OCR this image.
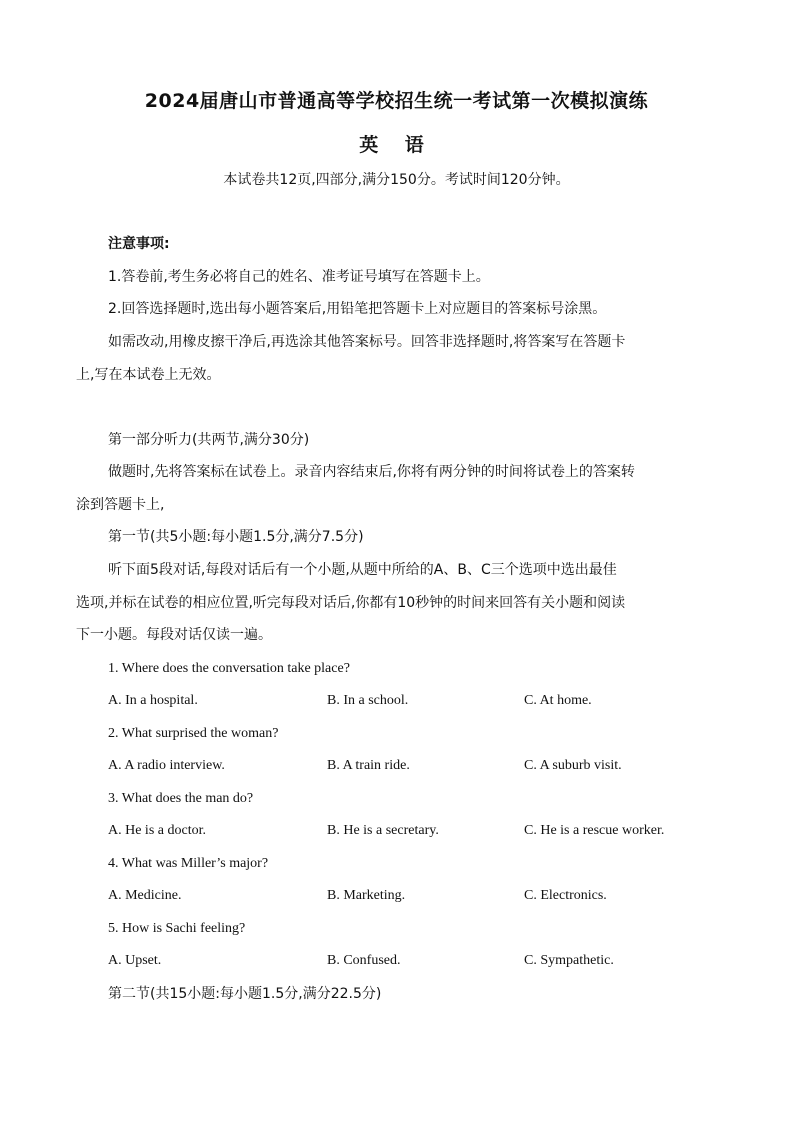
2024届唐山市普通高等学校招生统一考试第一次模拟演练
英 语
本试卷共12页,四部分,满分150分。考试时间120分钟。
注意事项:
1.答卷前,考生务必将自己的姓名、准考证号填写在答题卡上。
2.回答选择题时,选出每小题答案后,用铅笔把答题卡上对应题目的答案标号涂黑。
如需改动,用橡皮擦干净后,再选涂其他答案标号。回答非选择题时,将答案写在答题卡
上,写在本试卷上无效。
第一部分听力(共两节,满分30分)
做题时,先将答案标在试卷上。录音内容结束后,你将有两分钟的时间将试卷上的答案转
涂到答题卡上,
第一节(共5小题:每小题1.5分,满分7.5分)
听下面5段对话,每段对话后有一个小题,从题中所给的A、B、C三个选项中选出最佳
选项,并标在试卷的相应位置,听完每段对话后,你都有10秒钟的时间来回答有关小题和阅读
下一小题。每段对话仅读一遍。
1. Where does the conversation take place?
A. In a hospital.	B. In a school.	C. At home.
2. What surprised the woman?
A. A radio interview.	B. A train ride.	C. A suburb visit.
3. What does the man do?
A. He is a doctor.	B. He is a secretary.	C. He is a rescue worker.
4. What was Miller’s major?
A. Medicine.	B. Marketing.	C. Electronics.
5. How is Sachi feeling?
A. Upset.	B. Confused.	C. Sympathetic.
第二节(共15小题:每小题1.5分,满分22.5分)
